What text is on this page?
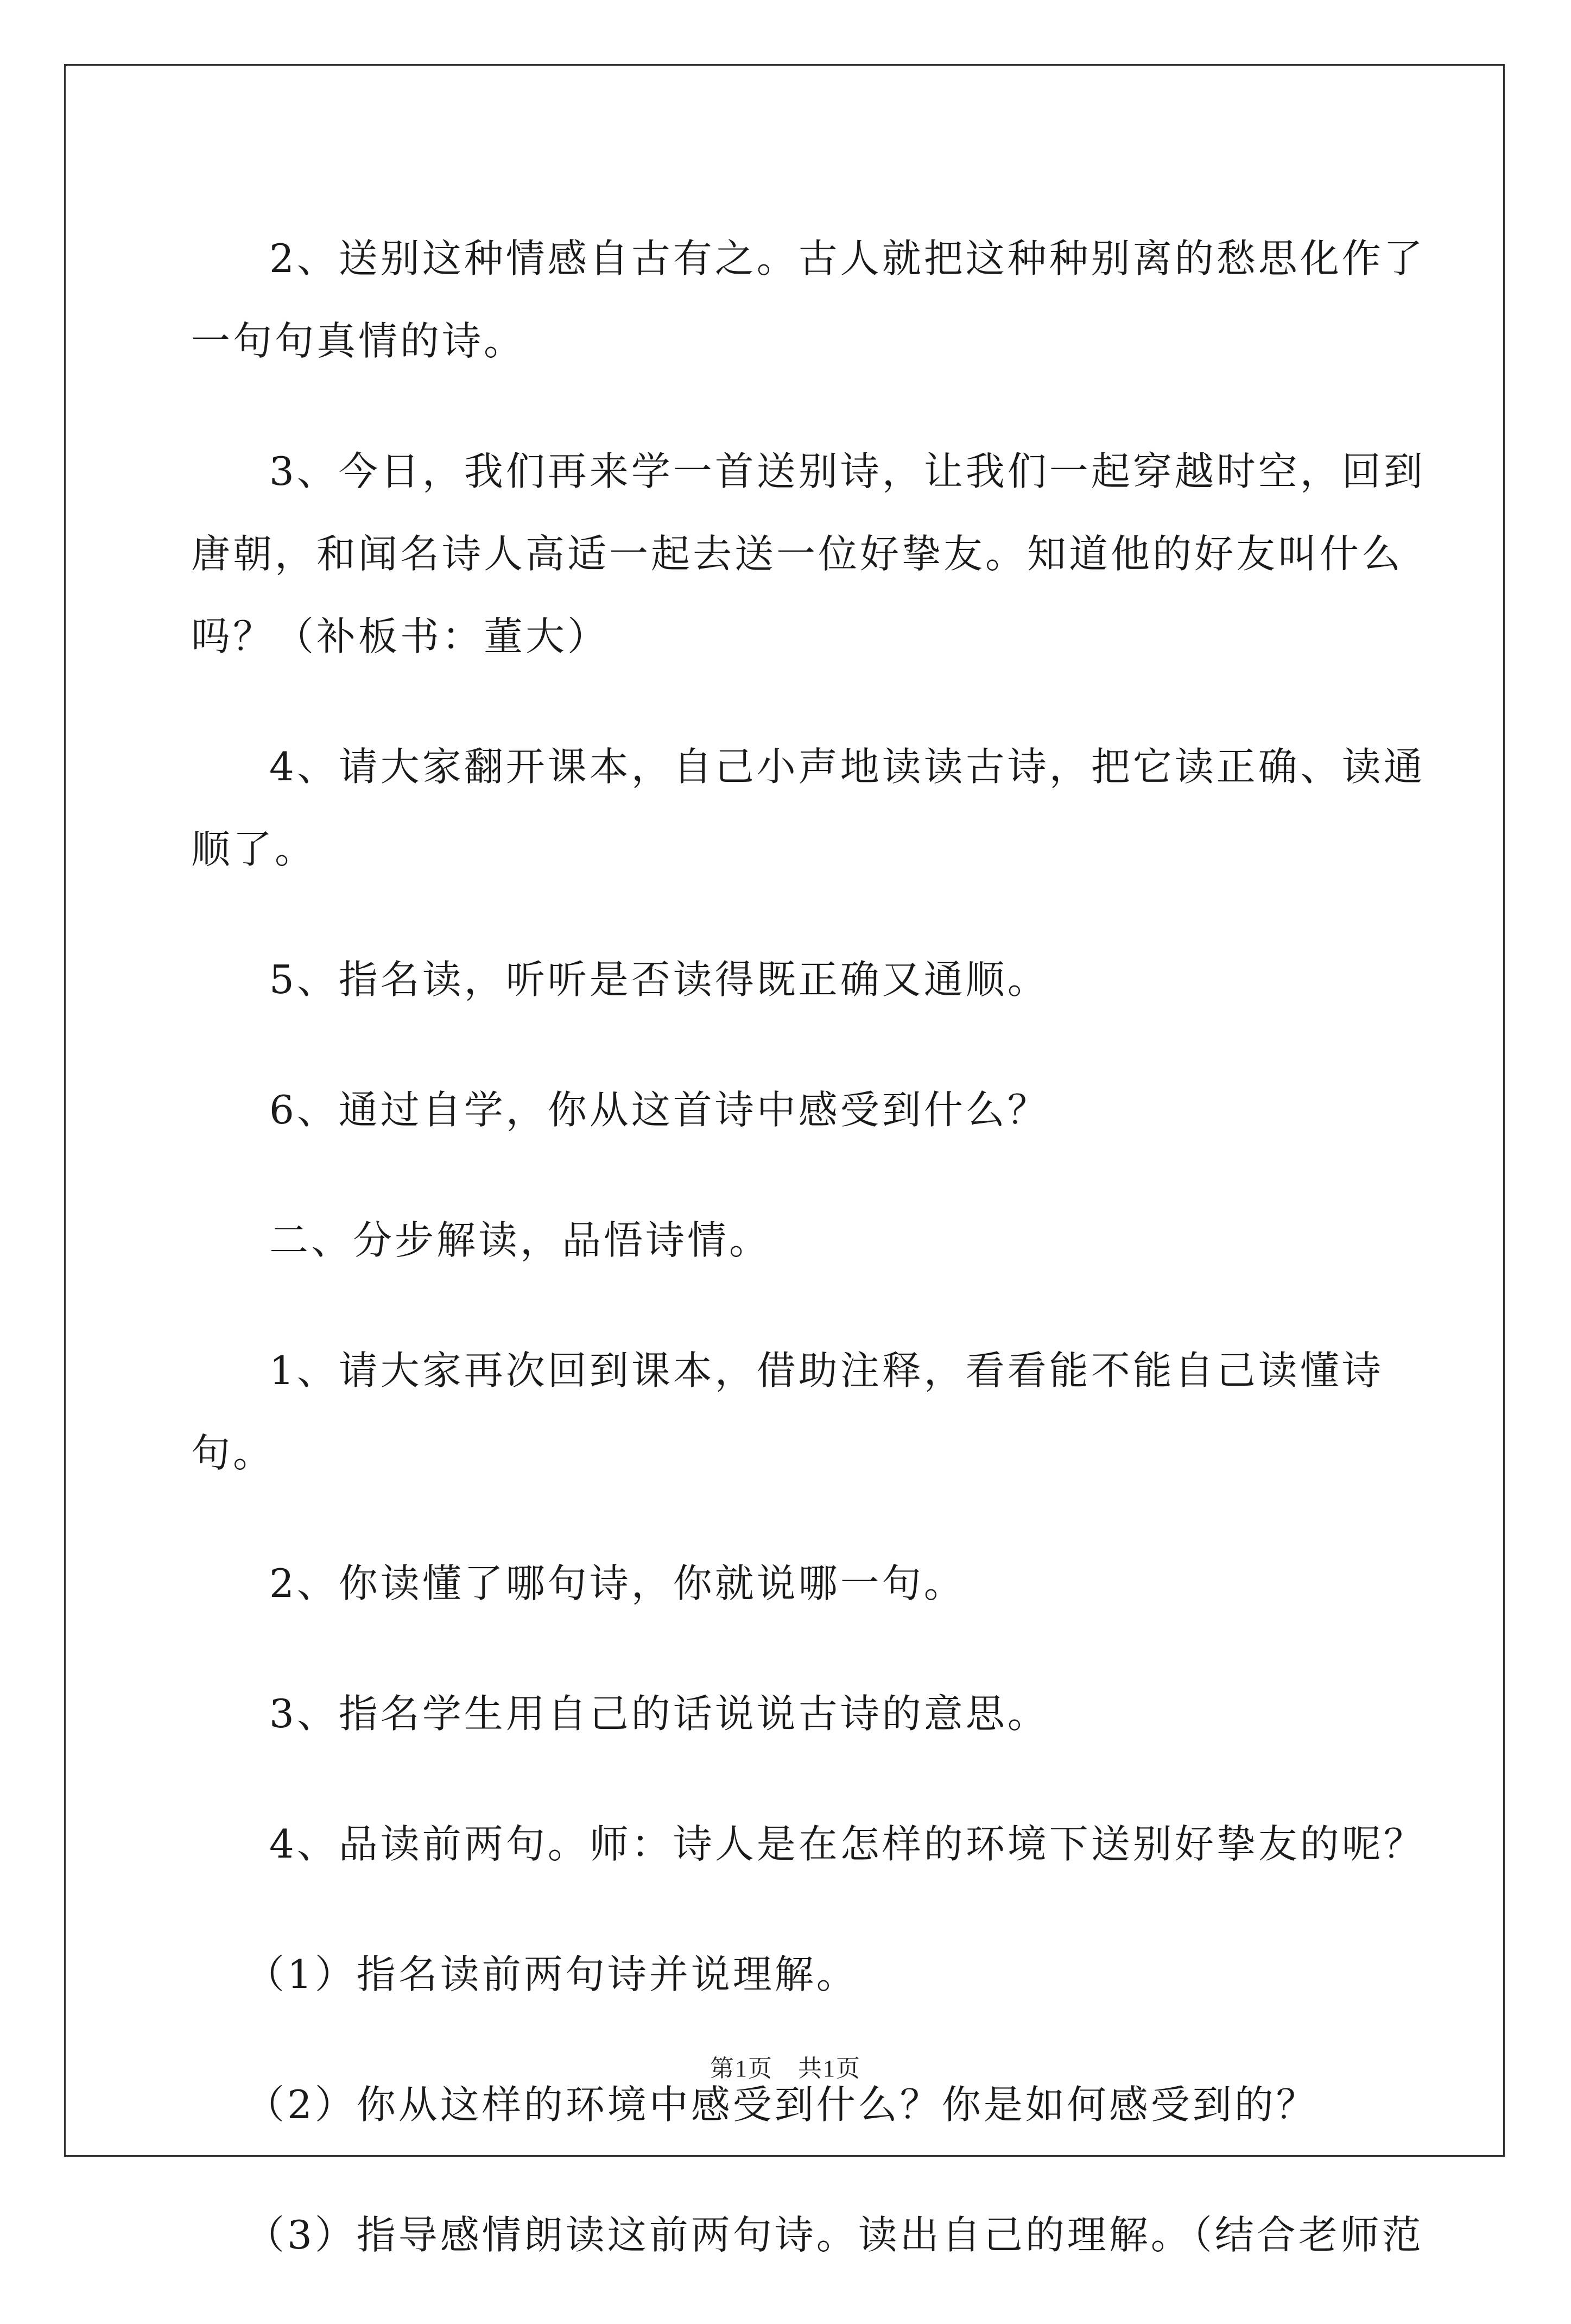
2、送别这种情感自古有之。古人就把这种种别离的愁思化作了一句句真情的诗。

3、今日，我们再来学一首送别诗，让我们一起穿越时空，回到唐朝，和闻名诗人高适一起去送一位好挚友。知道他的好友叫什么吗？（补板书：董大）

4、请大家翻开课本，自己小声地读读古诗，把它读正确、读通顺了。

5、指名读，听听是否读得既正确又通顺。

6、通过自学，你从这首诗中感受到什么？

二、分步解读，品悟诗情。

1、请大家再次回到课本，借助注释，看看能不能自己读懂诗句。

2、你读懂了哪句诗，你就说哪一句。

3、指名学生用自己的话说说古诗的意思。

4、品读前两句。师：诗人是在怎样的环境下送别好挚友的呢？

（1）指名读前两句诗并说理解。

（2）你从这样的环境中感受到什么？你是如何感受到的？

（3）指导感情朗读这前两句诗。读出自己的理解。（结合老师范

第1页　共1页
